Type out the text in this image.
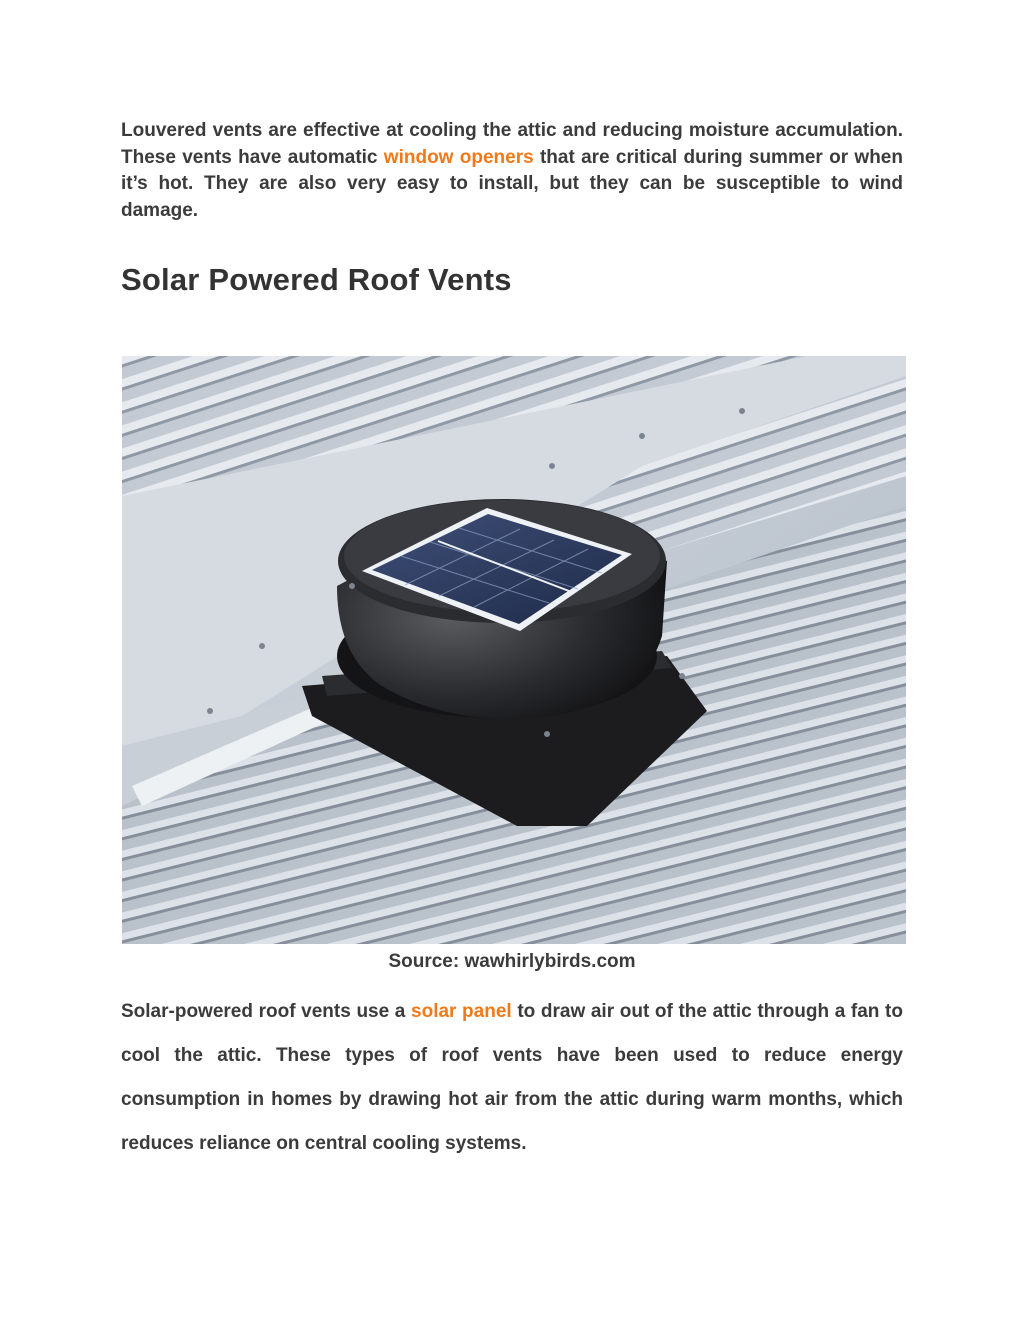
Louvered vents are effective at cooling the attic and reducing moisture accumulation. These vents have automatic window openers that are critical during summer or when it’s hot. They are also very easy to install, but they can be susceptible to wind damage.

Solar Powered Roof Vents

Source: wawhirlybirds.com

Solar-powered roof vents use a solar panel to draw air out of the attic through a fan to cool the attic. These types of roof vents have been used to reduce energy consumption in homes by drawing hot air from the attic during warm months, which reduces reliance on central cooling systems.
